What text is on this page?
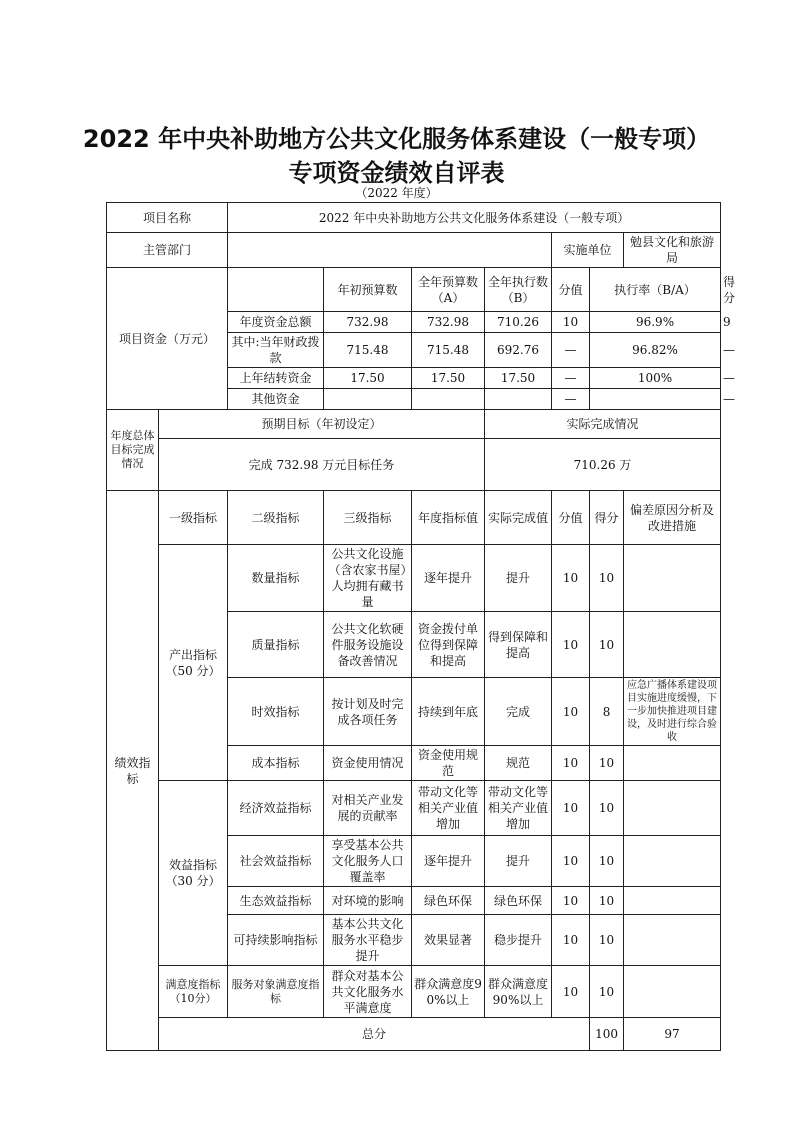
2022 年中央补助地方公共文化服务体系建设（一般专项）
专项资金绩效自评表
（2022 年度）
项目名称		2022 年中央补助地方公共文化服务体系建设（一般专项）							
主管部门						实施单位		勉县文化和旅游局	
项目资金（万元）			年初预算数	全年预算数（A）	全年执行数（B）	分值	执行率（B/A）		得分
		年度资金总额	732.98	732.98	710.26	10	96.9%		9
		其中:当年财政拨款	715.48	715.48	692.76	—	96.82%		—
		上年结转资金	17.50	17.50	17.50	—	100%		—
		其他资金				—			—
年度总体目标完成情况	预期目标（年初设定）				实际完成情况				
	完成 732.98 万元目标任务				710.26 万				
绩效指标	一级指标	二级指标	三级指标	年度指标值	实际完成值	分值	得分	偏差原因分析及改进措施	
	产出指标（50 分）	数量指标	公共文化设施（含农家书屋）人均拥有藏书量	逐年提升	提升	10	10		
		质量指标	公共文化软硬件服务设施设备改善情况	资金拨付单位得到保障和提高	得到保障和提高	10	10		
		时效指标	按计划及时完成各项任务	持续到年底	完成	10	8	应急广播体系建设项目实施进度缓慢，下一步加快推进项目建设，及时进行综合验收	
		成本指标	资金使用情况	资金使用规范	规范	10	10		
	效益指标（30 分）	经济效益指标	对相关产业发展的贡献率	带动文化等相关产业值增加	带动文化等相关产业值增加	10	10		
		社会效益指标	享受基本公共文化服务人口覆盖率	逐年提升	提升	10	10		
		生态效益指标	对环境的影响	绿色环保	绿色环保	10	10		
		可持续影响指标	基本公共文化服务水平稳步提升	效果显著	稳步提升	10	10		
	满意度指标（10分）	服务对象满意度指标	群众对基本公共文化服务水平满意度	群众满意度90%以上	群众满意度 90%以上	10	10		
	总分						100	97	
